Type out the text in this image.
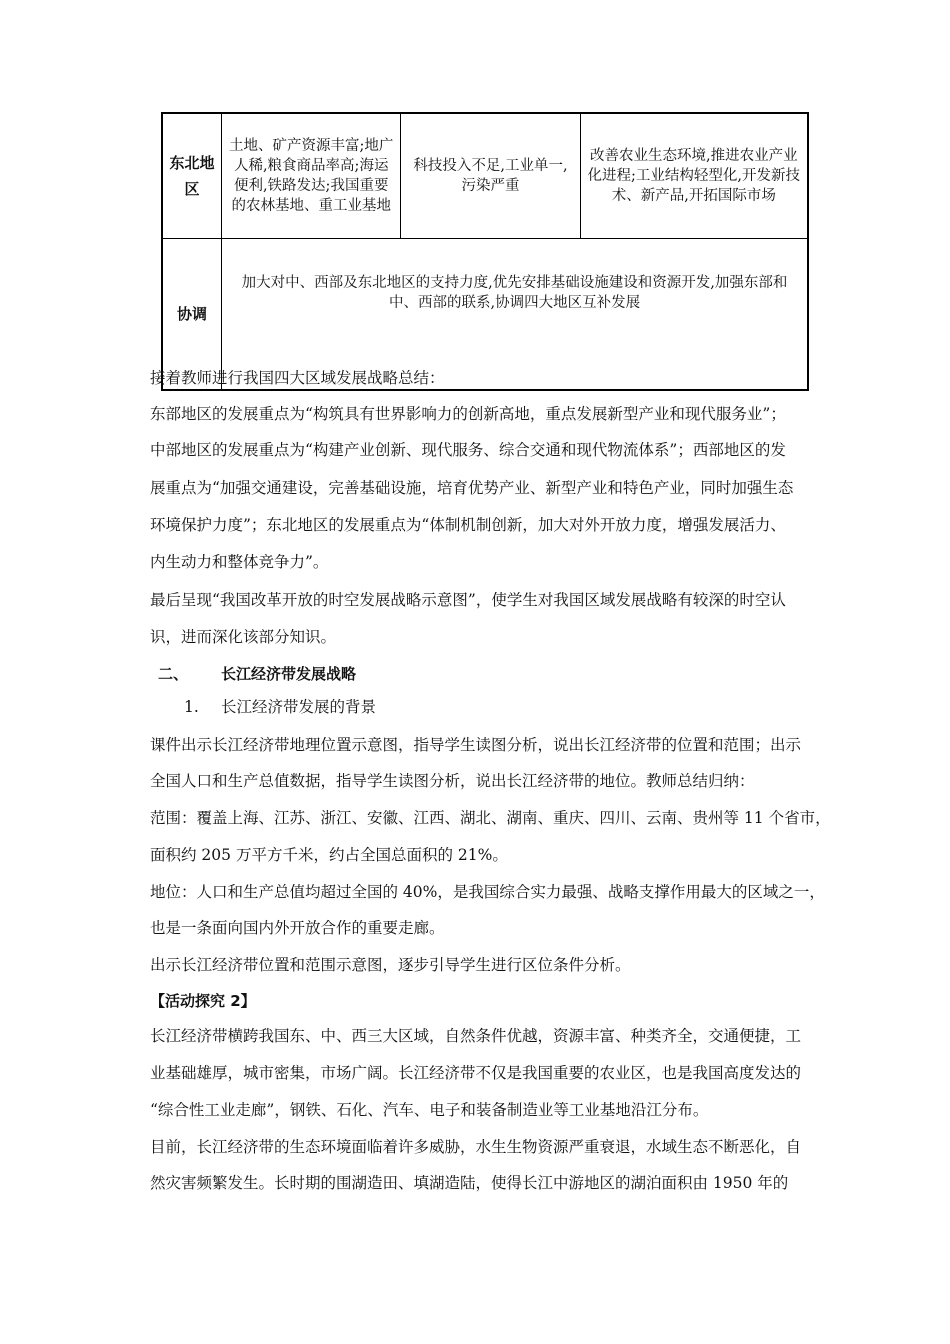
东北地区	土地、矿产资源丰富;地广人稀,粮食商品率高;海运便利,铁路发达;我国重要的农林基地、重工业基地	科技投入不足,工业单一,污染严重	改善农业生态环境,推进农业产业化进程;工业结构轻型化,开发新技术、新产品,开拓国际市场
协调	加大对中、西部及东北地区的支持力度,优先安排基础设施建设和资源开发,加强东部和中、西部的联系,协调四大地区互补发展		
接着教师进行我国四大区域发展战略总结：
东部地区的发展重点为“构筑具有世界影响力的创新高地，重点发展新型产业和现代服务业”；
中部地区的发展重点为“构建产业创新、现代服务、综合交通和现代物流体系”；西部地区的发
展重点为“加强交通建设，完善基础设施，培育优势产业、新型产业和特色产业，同时加强生态
环境保护力度”；东北地区的发展重点为“体制机制创新，加大对外开放力度，增强发展活力、
内生动力和整体竞争力”。
最后呈现“我国改革开放的时空发展战略示意图”，使学生对我国区域发展战略有较深的时空认
识，进而深化该部分知识。
二、 长江经济带发展战略
1. 长江经济带发展的背景
课件出示长江经济带地理位置示意图，指导学生读图分析，说出长江经济带的位置和范围；出示
全国人口和生产总值数据，指导学生读图分析，说出长江经济带的地位。教师总结归纳：
范围：覆盖上海、江苏、浙江、安徽、江西、湖北、湖南、重庆、四川、云南、贵州等 11 个省市，
面积约 205 万平方千米，约占全国总面积的 21%。
地位：人口和生产总值均超过全国的 40%，是我国综合实力最强、战略支撑作用最大的区域之一，
也是一条面向国内外开放合作的重要走廊。
出示长江经济带位置和范围示意图，逐步引导学生进行区位条件分析。
【活动探究 2】
长江经济带横跨我国东、中、西三大区域，自然条件优越，资源丰富、种类齐全，交通便捷，工
业基础雄厚，城市密集，市场广阔。长江经济带不仅是我国重要的农业区，也是我国高度发达的
“综合性工业走廊”，钢铁、石化、汽车、电子和装备制造业等工业基地沿江分布。
目前，长江经济带的生态环境面临着许多威胁，水生生物资源严重衰退，水域生态不断恶化，自
然灾害频繁发生。长时期的围湖造田、填湖造陆，使得长江中游地区的湖泊面积由 1950 年的
